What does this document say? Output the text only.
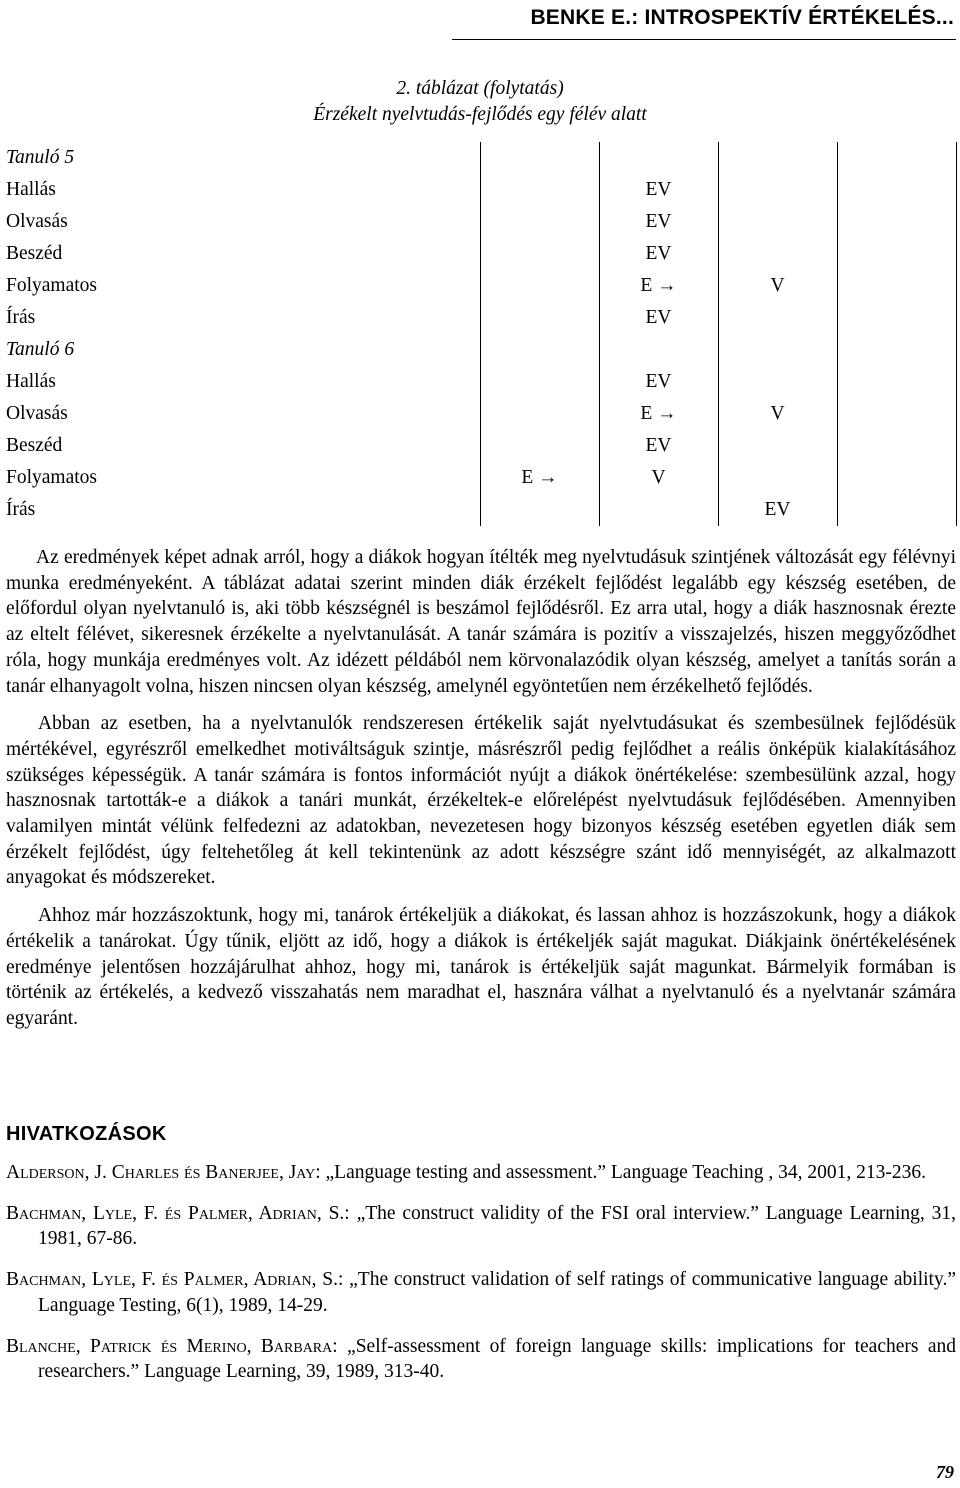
BENKE E.: INTROSPEKTÍV ÉRTÉKELÉS...
2. táblázat (folytatás)
Érzékelt nyelvtudás-fejlődés egy félév alatt
Tanuló 5				
Hallás		EV		
Olvasás		EV		
Beszéd		EV		
Folyamatos		E →	V	
Írás		EV		
Tanuló 6				
Hallás		EV		
Olvasás		E →	V	
Beszéd		EV		
Folyamatos	E →	V		
Írás			EV	

Az eredmények képet adnak arról, hogy a diákok hogyan ítélték meg nyelvtudásuk szintjének változását egy félévnyi munka eredményeként. A táblázat adatai szerint minden diák érzékelt fejlődést legalább egy készség esetében, de előfordul olyan nyelvtanuló is, aki több készségnél is beszámol fejlődésről. Ez arra utal, hogy a diák hasznosnak érezte az eltelt félévet, sikeresnek érzékelte a nyelvtanulását. A tanár számára is pozitív a visszajelzés, hiszen meggyőződhet róla, hogy munkája eredményes volt. Az idézett példából nem körvonalazódik olyan készség, amelyet a tanítás során a tanár elhanyagolt volna, hiszen nincsen olyan készség, amelynél egyöntetűen nem érzékelhető fejlődés.

Abban az esetben, ha a nyelvtanulók rendszeresen értékelik saját nyelvtudásukat és szembesülnek fejlődésük mértékével, egyrészről emelkedhet motiváltságuk szintje, másrészről pedig fejlődhet a reális önképük kialakításához szükséges képességük. A tanár számára is fontos információt nyújt a diákok önértékelése: szembesülünk azzal, hogy hasznosnak tartották-e a diákok a tanári munkát, érzékeltek-e előrelépést nyelvtudásuk fejlődésében. Amennyiben valamilyen mintát vélünk felfedezni az adatokban, nevezetesen hogy bizonyos készség esetében egyetlen diák sem érzékelt fejlődést, úgy feltehetőleg át kell tekintenünk az adott készségre szánt idő mennyiségét, az alkalmazott anyagokat és módszereket.

Ahhoz már hozzászoktunk, hogy mi, tanárok értékeljük a diákokat, és lassan ahhoz is hozzászokunk, hogy a diákok értékelik a tanárokat. Úgy tűnik, eljött az idő, hogy a diákok is értékeljék saját magukat. Diákjaink önértékelésének eredménye jelentősen hozzájárulhat ahhoz, hogy mi, tanárok is értékeljük saját magunkat. Bármelyik formában is történik az értékelés, a kedvező visszahatás nem maradhat el, hasznára válhat a nyelvtanuló és a nyelvtanár számára egyaránt.

HIVATKOZÁSOK

Alderson, J. Charles és Banerjee, Jay: „Language testing and assessment.” Language Teaching , 34, 2001, 213-236.

Bachman, Lyle, F. és Palmer, Adrian, S.: „The construct validity of the FSI oral interview.” Language Learning, 31, 1981, 67-86.

Bachman, Lyle, F. és Palmer, Adrian, S.: „The construct validation of self ratings of communicative language ability.” Language Testing, 6(1), 1989, 14-29.

Blanche, Patrick és Merino, Barbara: „Self-assessment of foreign language skills: implications for teachers and researchers.” Language Learning, 39, 1989, 313-40.

79
